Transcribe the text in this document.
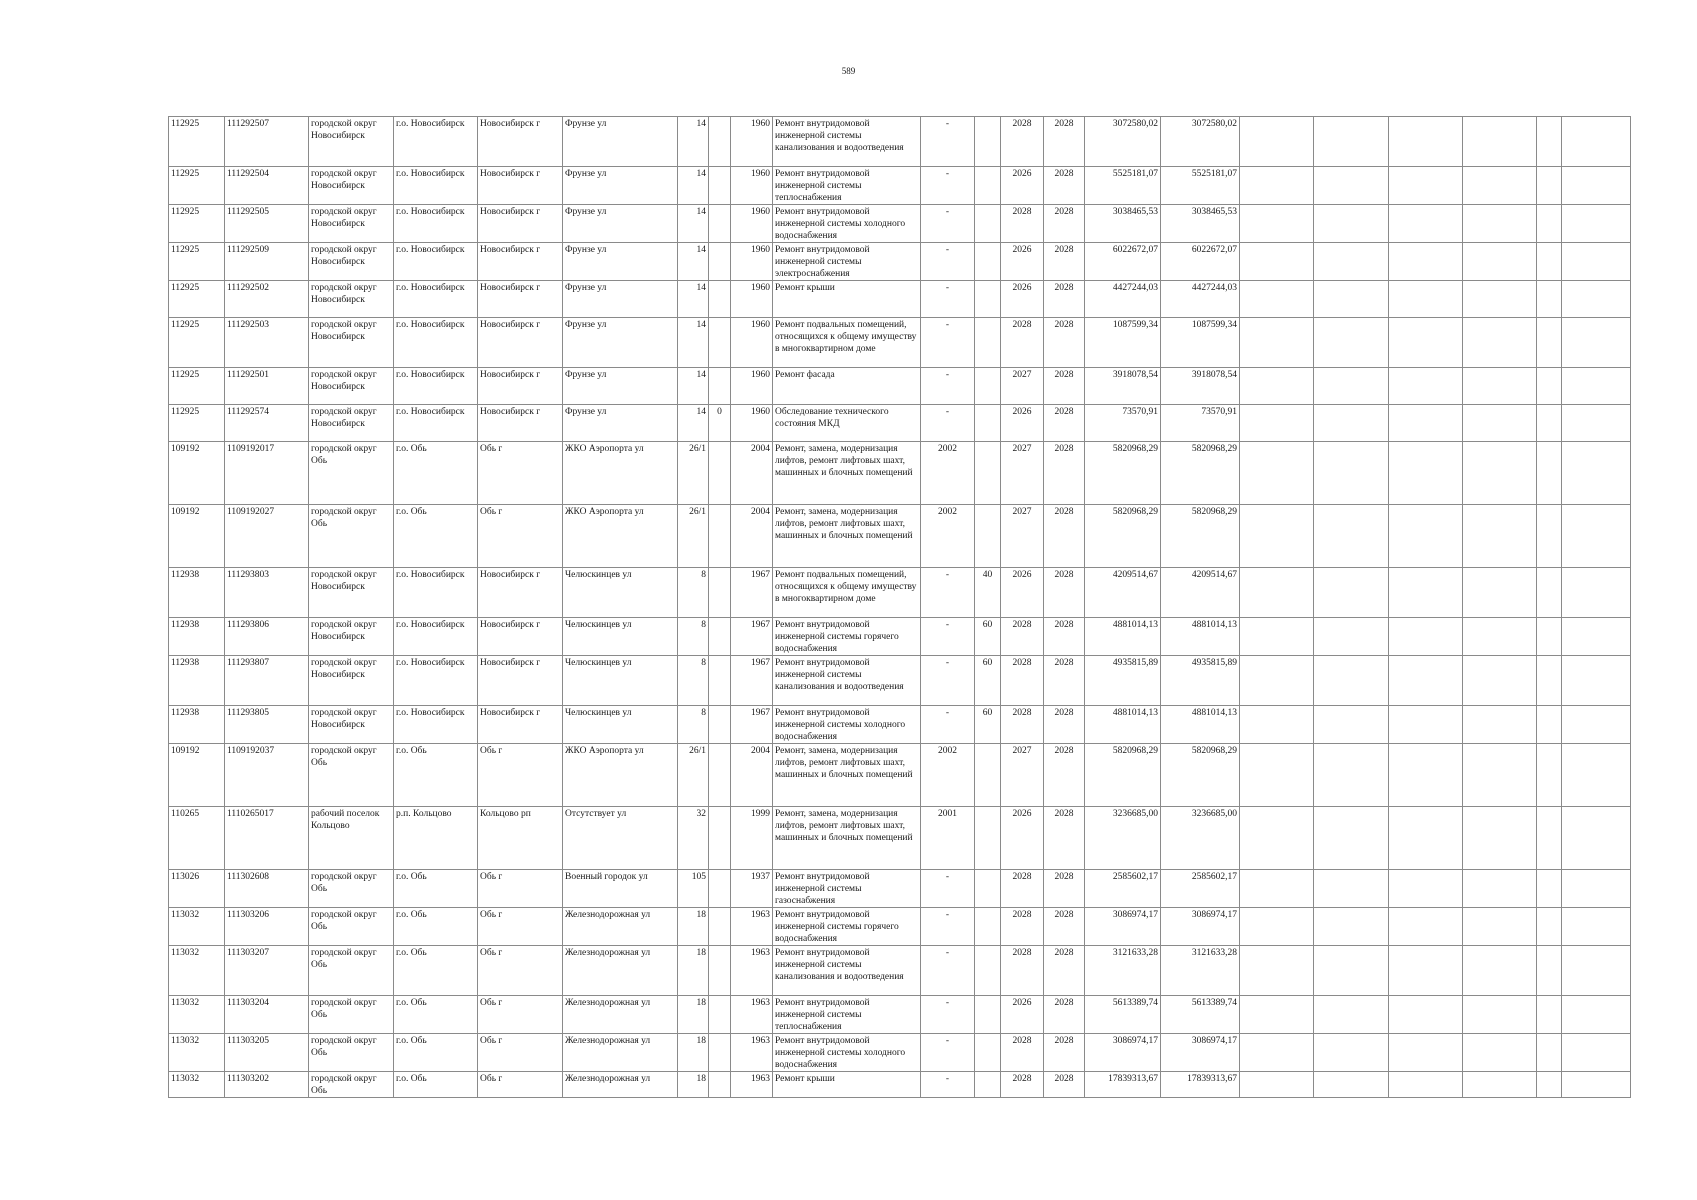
589
112925	111292507	городской округ Новосибирск	г.о. Новосибирск	Новосибирск г	Фрунзе ул	14		1960	Ремонт внутридомовой инженерной системы канализования и водоотведения	-		2028	2028	3072580,02	3072580,02						
112925	111292504	городской округ Новосибирск	г.о. Новосибирск	Новосибирск г	Фрунзе ул	14		1960	Ремонт внутридомовой инженерной системы теплоснабжения	-		2026	2028	5525181,07	5525181,07						
112925	111292505	городской округ Новосибирск	г.о. Новосибирск	Новосибирск г	Фрунзе ул	14		1960	Ремонт внутридомовой инженерной системы холодного водоснабжения	-		2028	2028	3038465,53	3038465,53						
112925	111292509	городской округ Новосибирск	г.о. Новосибирск	Новосибирск г	Фрунзе ул	14		1960	Ремонт внутридомовой инженерной системы электроснабжения	-		2026	2028	6022672,07	6022672,07						
112925	111292502	городской округ Новосибирск	г.о. Новосибирск	Новосибирск г	Фрунзе ул	14		1960	Ремонт крыши	-		2026	2028	4427244,03	4427244,03						
112925	111292503	городской округ Новосибирск	г.о. Новосибирск	Новосибирск г	Фрунзе ул	14		1960	Ремонт подвальных помещений, относящихся к общему имуществу в многоквартирном доме	-		2028	2028	1087599,34	1087599,34						
112925	111292501	городской округ Новосибирск	г.о. Новосибирск	Новосибирск г	Фрунзе ул	14		1960	Ремонт фасада	-		2027	2028	3918078,54	3918078,54						
112925	111292574	городской округ Новосибирск	г.о. Новосибирск	Новосибирск г	Фрунзе ул	14	0	1960	Обследование технического состояния МКД	-		2026	2028	73570,91	73570,91						
109192	1109192017	городской округ Обь	г.о. Обь	Обь г	ЖКО Аэропорта ул	26/1		2004	Ремонт, замена, модернизация лифтов, ремонт лифтовых шахт, машинных и блочных помещений	2002		2027	2028	5820968,29	5820968,29						
109192	1109192027	городской округ Обь	г.о. Обь	Обь г	ЖКО Аэропорта ул	26/1		2004	Ремонт, замена, модернизация лифтов, ремонт лифтовых шахт, машинных и блочных помещений	2002		2027	2028	5820968,29	5820968,29						
112938	111293803	городской округ Новосибирск	г.о. Новосибирск	Новосибирск г	Челюскинцев ул	8		1967	Ремонт подвальных помещений, относящихся к общему имуществу в многоквартирном доме	-	40	2026	2028	4209514,67	4209514,67						
112938	111293806	городской округ Новосибирск	г.о. Новосибирск	Новосибирск г	Челюскинцев ул	8		1967	Ремонт внутридомовой инженерной системы горячего водоснабжения	-	60	2028	2028	4881014,13	4881014,13						
112938	111293807	городской округ Новосибирск	г.о. Новосибирск	Новосибирск г	Челюскинцев ул	8		1967	Ремонт внутридомовой инженерной системы канализования и водоотведения	-	60	2028	2028	4935815,89	4935815,89						
112938	111293805	городской округ Новосибирск	г.о. Новосибирск	Новосибирск г	Челюскинцев ул	8		1967	Ремонт внутридомовой инженерной системы холодного водоснабжения	-	60	2028	2028	4881014,13	4881014,13						
109192	1109192037	городской округ Обь	г.о. Обь	Обь г	ЖКО Аэропорта ул	26/1		2004	Ремонт, замена, модернизация лифтов, ремонт лифтовых шахт, машинных и блочных помещений	2002		2027	2028	5820968,29	5820968,29						
110265	1110265017	рабочий поселок Кольцово	р.п. Кольцово	Кольцово рп	Отсутствует ул	32		1999	Ремонт, замена, модернизация лифтов, ремонт лифтовых шахт, машинных и блочных помещений	2001		2026	2028	3236685,00	3236685,00						
113026	111302608	городской округ Обь	г.о. Обь	Обь г	Военный городок ул	105		1937	Ремонт внутридомовой инженерной системы газоснабжения	-		2028	2028	2585602,17	2585602,17						
113032	111303206	городской округ Обь	г.о. Обь	Обь г	Железнодорожная ул	18		1963	Ремонт внутридомовой инженерной системы горячего водоснабжения	-		2028	2028	3086974,17	3086974,17						
113032	111303207	городской округ Обь	г.о. Обь	Обь г	Железнодорожная ул	18		1963	Ремонт внутридомовой инженерной системы канализования и водоотведения	-		2028	2028	3121633,28	3121633,28						
113032	111303204	городской округ Обь	г.о. Обь	Обь г	Железнодорожная ул	18		1963	Ремонт внутридомовой инженерной системы теплоснабжения	-		2026	2028	5613389,74	5613389,74						
113032	111303205	городской округ Обь	г.о. Обь	Обь г	Железнодорожная ул	18		1963	Ремонт внутридомовой инженерной системы холодного водоснабжения	-		2028	2028	3086974,17	3086974,17						
113032	111303202	городской округ Обь	г.о. Обь	Обь г	Железнодорожная ул	18		1963	Ремонт крыши	-		2028	2028	17839313,67	17839313,67						
